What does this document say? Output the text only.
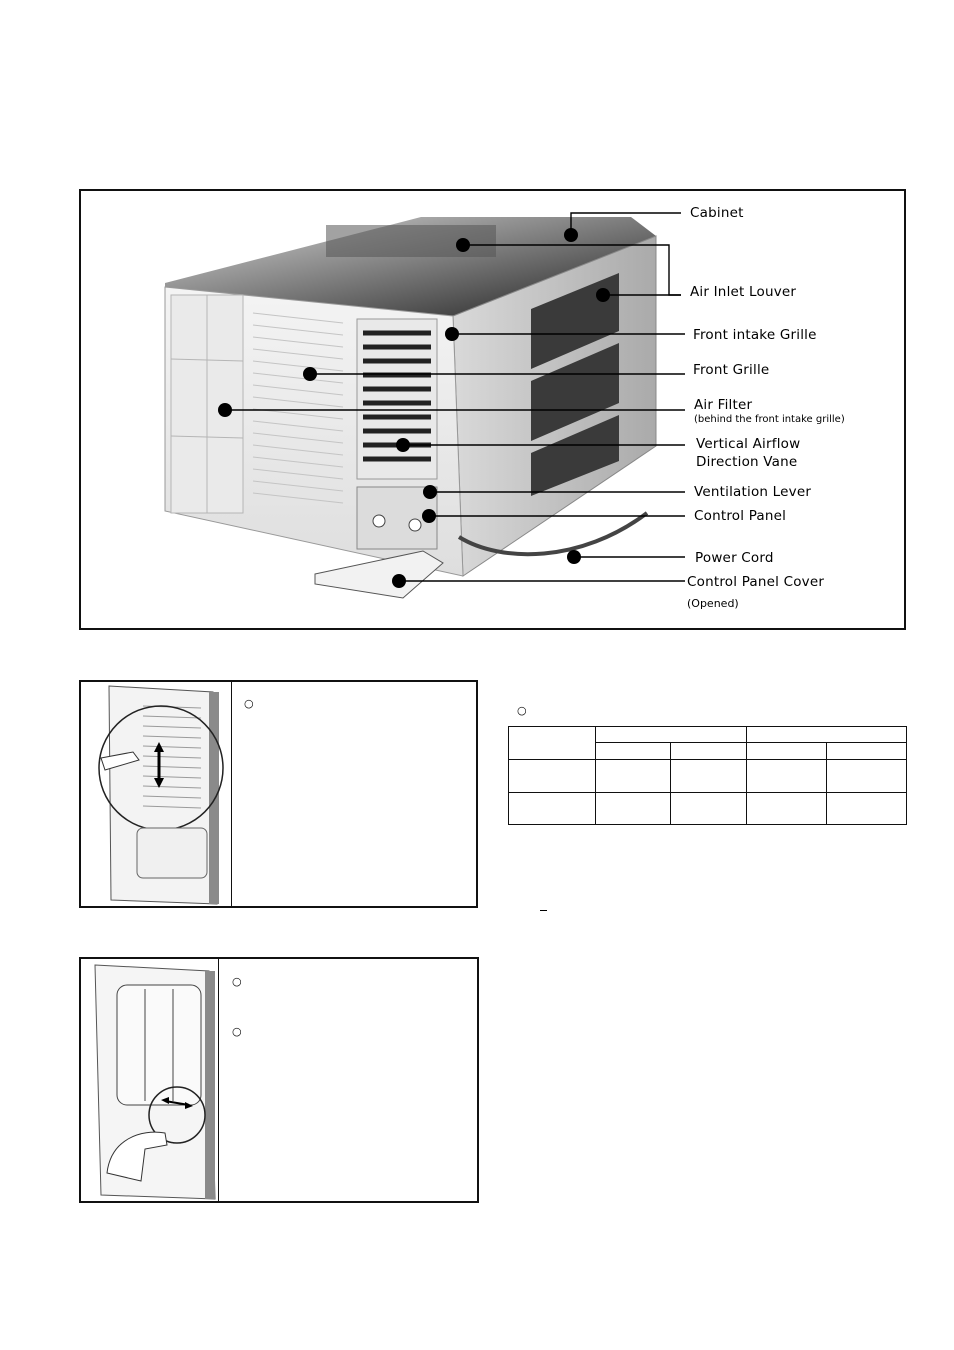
Cabinet
Air Inlet Louver
Front intake Grille
Front Grille
Air Filter
(behind the front intake grille)
Vertical Airflow
Direction Vane
Ventilation Lever
Control Panel
Power Cord
Control Panel Cover
(Opened)
○
○
○
○
